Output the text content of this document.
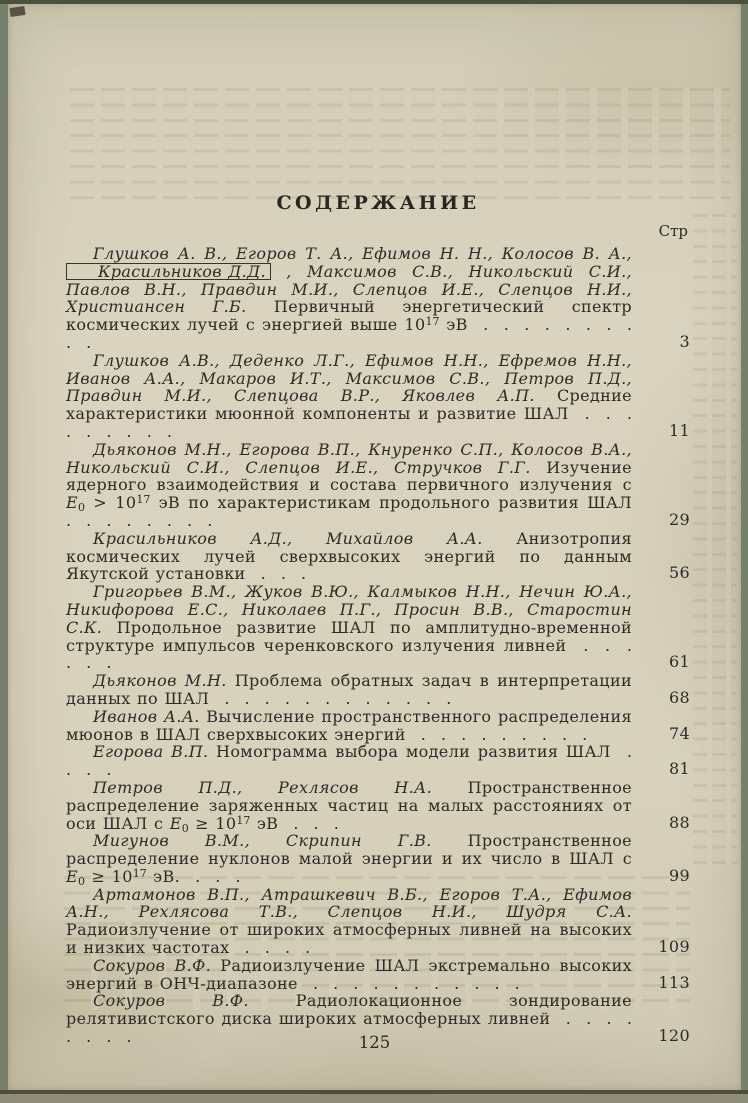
СОДЕРЖАНИЕ
Стр

Глушков А. В., Егоров Т. А., Ефимов Н. Н., Колосов В. А., Красильников Д.Д. , Максимов С.В., Никольский С.И., Павлов В.Н., Правдин М.И., Слепцов И.Е., Слепцов Н.И., Христиансен Г.Б. Первичный энергетический спектр космических лучей с энергией выше $10^{17}$ эВ . . . . . . . . . .	3

Глушков А.В., Деденко Л.Г., Ефимов Н.Н., Ефремов Н.Н., Иванов А.А., Макаров И.Т., Максимов С.В., Петров П.Д., Правдин М.И., Слепцова В.Р., Яковлев А.П. Средние характеристики мюонной компоненты и развитие ШАЛ . . . . . . . . .	11

Дьяконов М.Н., Егорова В.П., Кнуренко С.П., Колосов В.А., Никольский С.И., Слепцов И.Е., Стручков Г.Г. Изучение ядерного взаимодействия и состава первичного излучения с $E0 > 10^{17}$ эВ по характеристикам продольного развития ШАЛ . . . . . . . .	29

Красильников А.Д., Михайлов А.А. Анизотропия космических лучей сверхвысоких энергий по данным Якутской установки . . .	56

Григорьев В.М., Жуков В.Ю., Калмыков Н.Н., Нечин Ю.А., Никифорова Е.С., Николаев П.Г., Просин В.В., Старостин С.К. Продольное развитие ШАЛ по амплитудно-временной структуре импульсов черенковского излучения ливней . . . . . .	61

Дьяконов М.Н. Проблема обратных задач в интерпретации данных по ШАЛ . . . . . . . . . . . .	68

Иванов А.А. Вычисление пространственного распределения мюонов в ШАЛ сверхвысоких энергий . . . . . . . . .	74

Егорова В.П. Номограмма выбора модели развития ШАЛ . . . .	81

Петров П.Д., Рехлясов Н.А. Пространственное распределение заряженных частиц на малых расстояниях от оси ШАЛ с $E0 \ge 10^{17}$ эВ . . .	88

Мигунов В.М., Скрипин Г.В. Пространственное распределение нуклонов малой энергии и их число в ШАЛ с $E0 \ge 10^{17}$ эВ. . . .	99

Артамонов В.П., Атрашкевич В.Б., Егоров Т.А., Ефимов А.Н., Рехлясова Т.В., Слепцов Н.И., Шудря С.А. Радиоизлучение от широких атмосферных ливней на высоких и низких частотах . . . .	109

Сокуров В.Ф. Радиоизлучение ШАЛ экстремально высоких энергий в ОНЧ-диапазоне . . . . . . . . . . .	113

Сокуров В.Ф. Радиолокационное зондирование релятивистского диска широких атмосферных ливней . . . . . . . .	120

125
